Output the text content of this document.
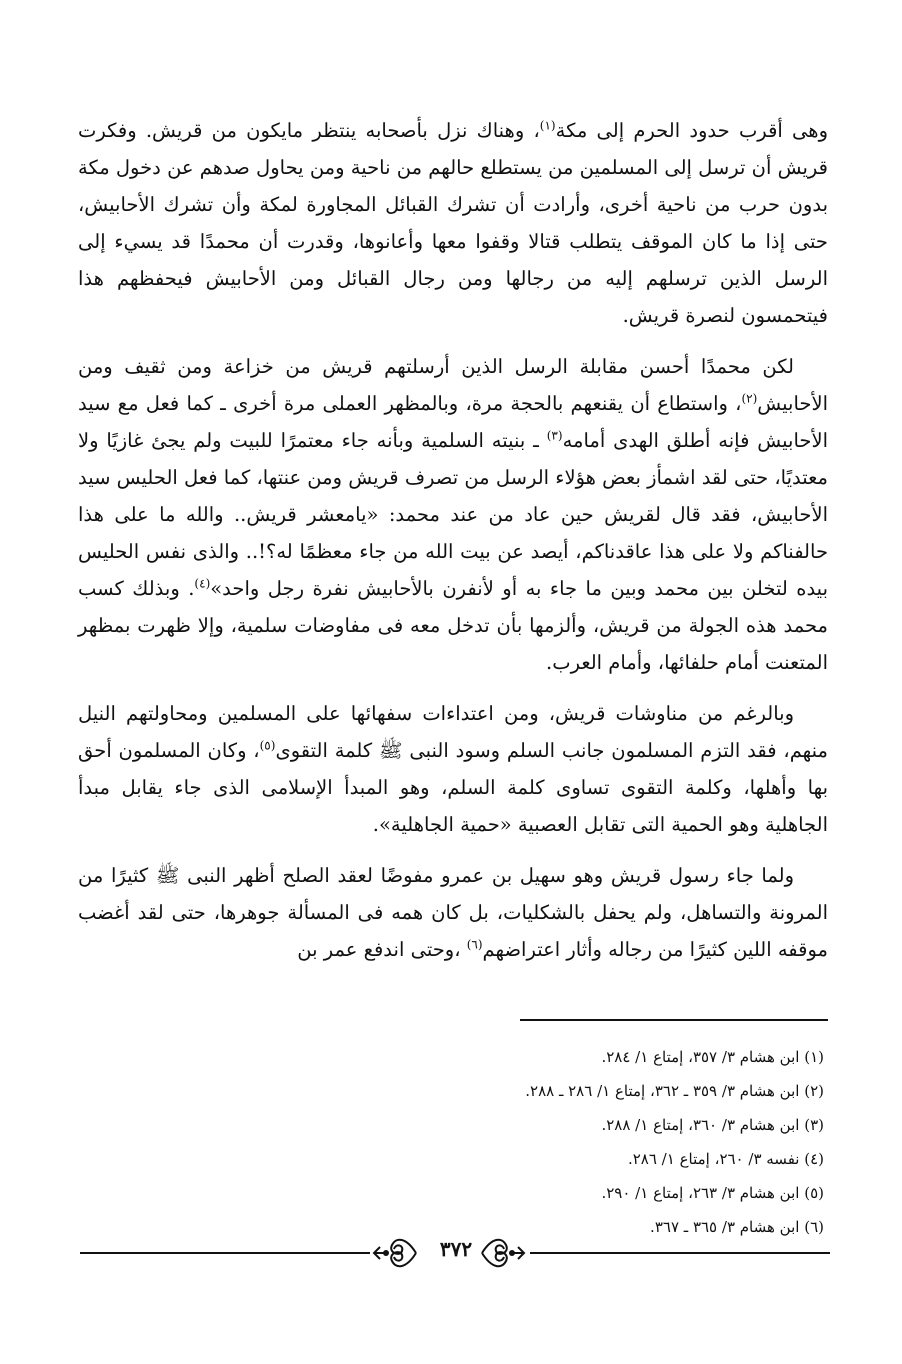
وهى أقرب حدود الحرم إلى مكة$^{(١)}$، وهناك نزل بأصحابه ينتظر مايكون من قريش. وفكرت قريش أن ترسل إلى المسلمين من يستطلع حالهم من ناحية ومن يحاول صدهم عن دخول مكة بدون حرب من ناحية أخرى، وأرادت أن تشرك القبائل المجاورة لمكة وأن تشرك الأحابيش، حتى إذا ما كان الموقف يتطلب قتالا وقفوا معها وأعانوها، وقدرت أن محمدًا قد يسيء إلى الرسل الذين ترسلهم إليه من رجالها ومن رجال القبائل ومن الأحابيش فيحفظهم هذا فيتحمسون لنصرة قريش.

لكن محمدًا أحسن مقابلة الرسل الذين أرسلتهم قريش من خزاعة ومن ثقيف ومن الأحابيش$^{(٢)}$، واستطاع أن يقنعهم بالحجة مرة، وبالمظهر العملى مرة أخرى ـ كما فعل مع سيد الأحابيش فإنه أطلق الهدى أمامه$^{(٣)}$ ـ بنيته السلمية وبأنه جاء معتمرًا للبيت ولم يجئ غازيًا ولا معتديًا، حتى لقد اشمأز بعض هؤلاء الرسل من تصرف قريش ومن عنتها، كما فعل الحليس سيد الأحابيش، فقد قال لقريش حين عاد من عند محمد: «يامعشر قريش.. والله ما على هذا حالفناكم ولا على هذا عاقدناكم، أيصد عن بيت الله من جاء معظمًا له؟!.. والذى نفس الحليس بيده لتخلن بين محمد وبين ما جاء به أو لأنفرن بالأحابيش نفرة رجل واحد»$^{(٤)}$. وبذلك كسب محمد هذه الجولة من قريش، وألزمها بأن تدخل معه فى مفاوضات سلمية، وإلا ظهرت بمظهر المتعنت أمام حلفائها، وأمام العرب.

وبالرغم من مناوشات قريش، ومن اعتداءات سفهائها على المسلمين ومحاولتهم النيل منهم، فقد التزم المسلمون جانب السلم وسود النبى ﷺ كلمة التقوى$^{(٥)}$، وكان المسلمون أحق بها وأهلها، وكلمة التقوى تساوى كلمة السلم، وهو المبدأ الإسلامى الذى جاء يقابل مبدأ الجاهلية وهو الحمية التى تقابل العصبية «حمية الجاهلية».

ولما جاء رسول قريش وهو سهيل بن عمرو مفوضًا لعقد الصلح أظهر النبى ﷺ كثيرًا من المرونة والتساهل، ولم يحفل بالشكليات، بل كان همه فى المسألة جوهرها، حتى لقد أغضب موقفه اللين كثيرًا من رجاله وأثار اعتراضهم$^{(٦)}$ ،وحتى اندفع عمر بن

(١) ابن هشام ٣/ ٣٥٧، إمتاع ١/ ٢٨٤.
(٢) ابن هشام ٣/ ٣٥٩ ـ ٣٦٢، إمتاع ١/ ٢٨٦ ـ ٢٨٨.
(٣) ابن هشام ٣/ ٣٦٠، إمتاع ١/ ٢٨٨.
(٤) نفسه ٣/ ٢٦٠، إمتاع ١/ ٢٨٦.
(٥) ابن هشام ٣/ ٢٦٣، إمتاع ١/ ٢٩٠.
(٦) ابن هشام ٣/ ٣٦٥ ـ ٣٦٧.
٣٧٢
